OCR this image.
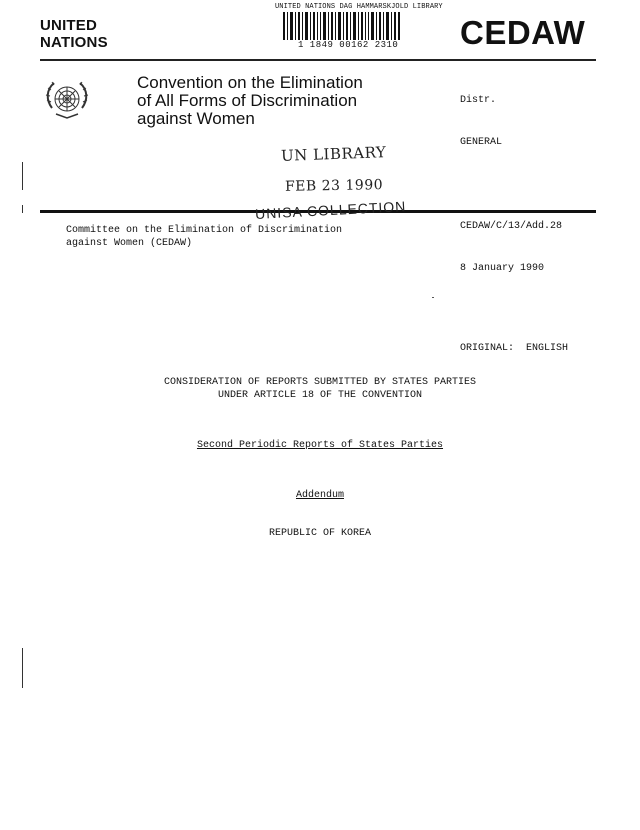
UNITED
NATIONS
UNITED NATIONS DAG HAMMARSKJOLD LIBRARY
1 1849 00162 2310 CEDAW
Convention on the Elimination
of All Forms of Discrimination
against Women

Distr.

GENERAL

CEDAW/C/13/Add.28

8 January 1990

ORIGINAL:  ENGLISH

UN LIBRARY
FEB 23 1990
UNISA COLLECTION
Committee on the Elimination of Discrimination
against Women (CEDAW)
CONSIDERATION OF REPORTS SUBMITTED BY STATES PARTIES
UNDER ARTICLE 18 OF THE CONVENTION
Second Periodic Reports of States Parties
Addendum
REPUBLIC OF KOREA
